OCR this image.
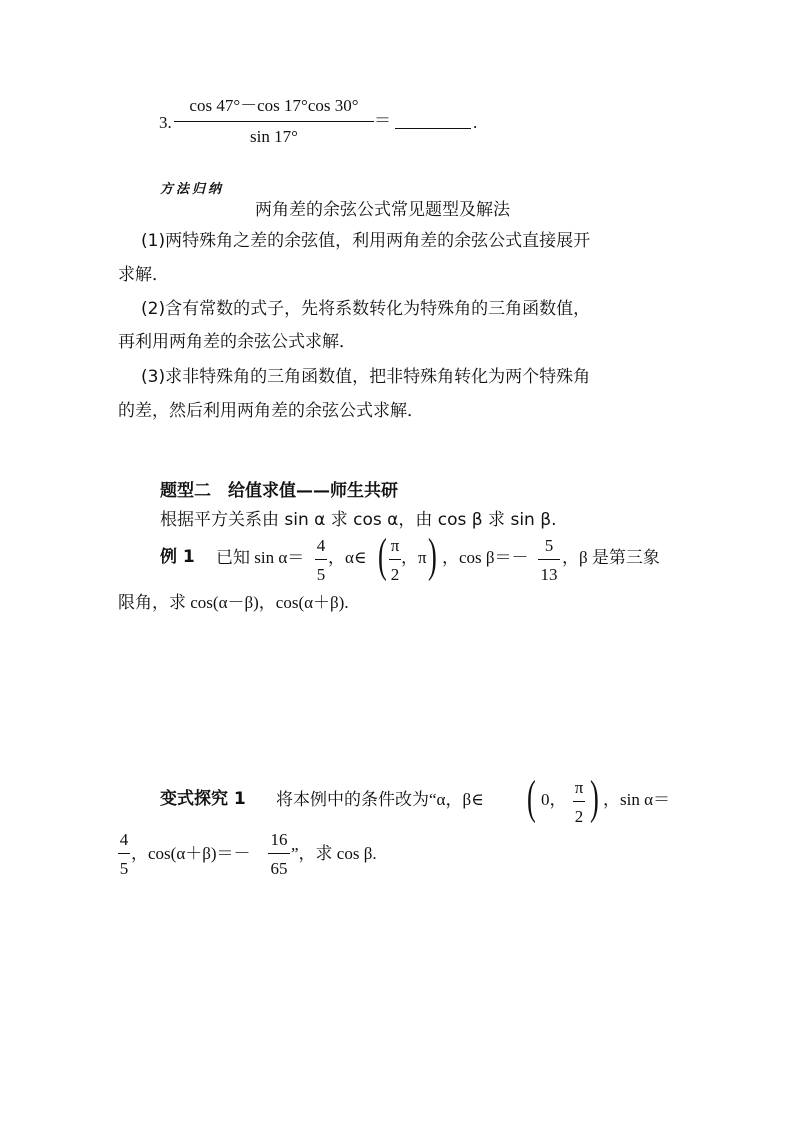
3.
cos 47°－cos 17°cos 30°
sin 17°
＝	.
方法归纳
两角差的余弦公式常见题型及解法
(1)两特殊角之差的余弦值，利用两角差的余弦公式直接展开
求解．
(2)含有常数的式子，先将系数转化为特殊角的三角函数值，
再利用两角差的余弦公式求解．
(3)求非特殊角的三角函数值，把非特殊角转化为两个特殊角
的差，然后利用两角差的余弦公式求解．
题型二　给值求值——师生共研
根据平方关系由 sin α 求 cos α，由 cos β 求 sin β.
例 1 已知 sin α＝
4
5
，α∈ ( π
2
，π ) ，cos β＝－
5
13
，β 是第三象
限角，求 cos(α－β)，cos(α＋β).
变式探究 1 将本例中的条件改为“α，β∈ ( 0，
π
2 ) ，sin α＝
4
5
，cos(α＋β)＝－
16
65
”，求 cos β.
